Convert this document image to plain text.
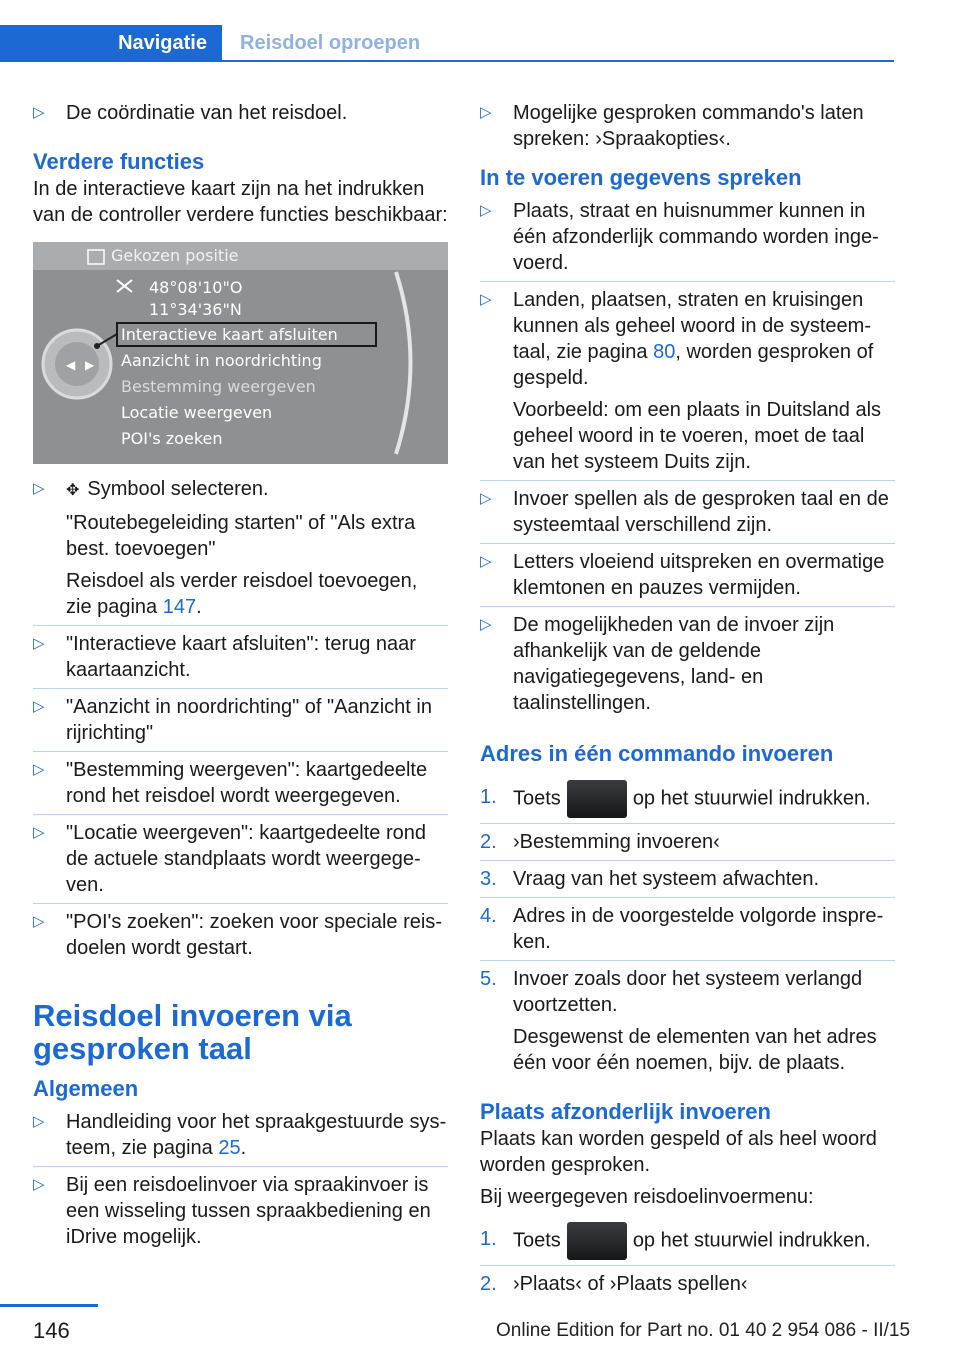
Navigatie	Reisdoel oproepen
▷ De coördinatie van het reisdoel.
Verdere functies
In de interactieve kaart zijn na het indrukken van de controller verdere functies beschikbaar:
◀ ▶
Gekozen positie
48°08'10"O
11°34'36"N
Interactieve kaart afsluiten
Aanzicht in noordrichting
Bestemming weergeven
Locatie weergeven
POI's zoeken
▷ ✥ Symbool selecteren.
"Routebegeleiding starten" of "Als extra best. toevoegen"
Reisdoel als verder reisdoel toevoegen, zie pagina 147.
▷ "Interactieve kaart afsluiten": terug naar kaartaanzicht.
▷ "Aanzicht in noordrichting" of "Aanzicht in rijrichting"
▷ "Bestemming weergeven": kaartgedeelte rond het reisdoel wordt weergegeven.
▷ "Locatie weergeven": kaartgedeelte rond de actuele standplaats wordt weergegeven.
▷ "POI's zoeken": zoeken voor speciale reisdoelen wordt gestart.
Reisdoel invoeren via gesproken taal
Algemeen
▷ Handleiding voor het spraakgestuurde systeem, zie pagina 25.
▷ Bij een reisdoelinvoer via spraakinvoer is een wisseling tussen spraakbediening en iDrive mogelijk.
▷ Mogelijke gesproken commando's laten spreken: ›Spraakopties‹.
In te voeren gegevens spreken
▷ Plaats, straat en huisnummer kunnen in één afzonderlijk commando worden ingevoerd.
▷ Landen, plaatsen, straten en kruisingen kunnen als geheel woord in de systeemtaal, zie pagina 80, worden gesproken of gespeld.
Voorbeeld: om een plaats in Duitsland als geheel woord in te voeren, moet de taal van het systeem Duits zijn.
▷ Invoer spellen als de gesproken taal en de systeemtaal verschillend zijn.
▷ Letters vloeiend uitspreken en overmatige klemtonen en pauzes vermijden.
▷ De mogelijkheden van de invoer zijn afhankelijk van de geldende navigatiegegevens, land- en taalinstellingen.
Adres in één commando invoeren
1. Toets	op het stuurwiel indrukken.
2. ›Bestemming invoeren‹
3. Vraag van het systeem afwachten.
4. Adres in de voorgestelde volgorde inspreken.
5. Invoer zoals door het systeem verlangd voortzetten.
Desgewenst de elementen van het adres één voor één noemen, bijv. de plaats.
Plaats afzonderlijk invoeren
Plaats kan worden gespeld of als heel woord worden gesproken.
Bij weergegeven reisdoelinvoermenu:
1. Toets	op het stuurwiel indrukken.
2. ›Plaats‹ of ›Plaats spellen‹
146	Online Edition for Part no. 01 40 2 954 086 - II/15
